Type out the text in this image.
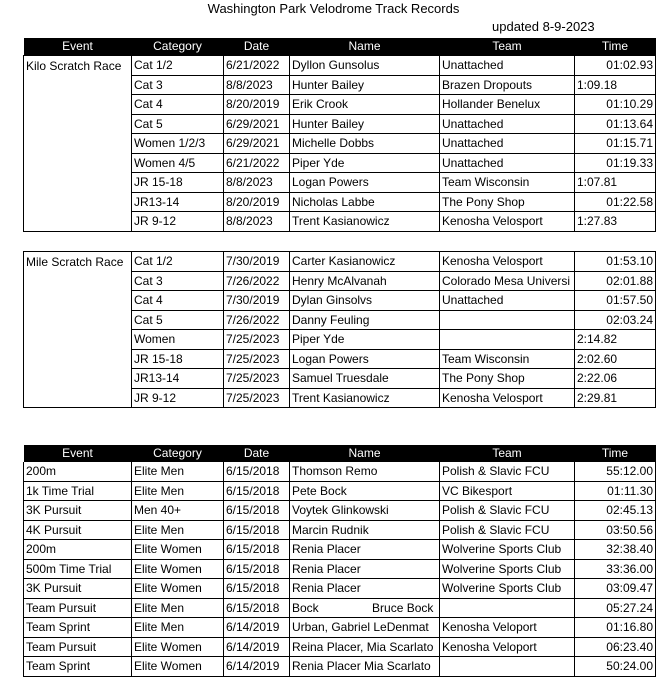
Washington Park Velodrome Track Records
updated 8-9-2023
Event	Category	Date	Name	Team	Time
Kilo Scratch Race	Cat 1/2	6/21/2022	Dyllon Gunsolus	Unattached	01:02.93
	Cat 3	8/8/2023	Hunter Bailey	Brazen Dropouts	1:09.18
	Cat 4	8/20/2019	Erik Crook	Hollander Benelux	01:10.29
	Cat 5	6/29/2021	Hunter Bailey	Unattached	01:13.64
	Women 1/2/3	6/29/2021	Michelle Dobbs	Unattached	01:15.71
	Women 4/5	6/21/2022	Piper Yde	Unattached	01:19.33
	JR 15-18	8/8/2023	Logan Powers	Team Wisconsin	1:07.81
	JR13-14	8/20/2019	Nicholas Labbe	The Pony Shop	01:22.58
	JR 9-12	8/8/2023	Trent Kasianowicz	Kenosha Velosport	1:27.83
Mile Scratch Race	Cat 1/2	7/30/2019	Carter Kasianowicz	Kenosha Velosport	01:53.10
	Cat 3	7/26/2022	Henry McAlvanah	Colorado Mesa Universi	02:01.88
	Cat 4	7/30/2019	Dylan Ginsolvs	Unattached	01:57.50
	Cat 5	7/26/2022	Danny Feuling		02:03.24
	Women	7/25/2023	Piper Yde		2:14.82
	JR 15-18	7/25/2023	Logan Powers	Team Wisconsin	2:02.60
	JR13-14	7/25/2023	Samuel Truesdale	The Pony Shop	2:22.06
	JR 9-12	7/25/2023	Trent Kasianowicz	Kenosha Velosport	2:29.81
Event	Category	Date	Name	Team	Time
200m	Elite Men	6/15/2018	Thomson Remo	Polish & Slavic FCU	55:12.00
1k Time Trial	Elite Men	6/15/2018	Pete Bock	VC Bikesport	01:11.30
3K Pursuit	Men 40+	6/15/2018	Voytek Glinkowski	Polish & Slavic FCU	02:45.13
4K Pursuit	Elite Men	6/15/2018	Marcin Rudnik	Polish & Slavic FCU	03:50.56
200m	Elite Women	6/15/2018	Renia Placer	Wolverine Sports Club	32:38.40
500m Time Trial	Elite Women	6/15/2018	Renia Placer	Wolverine Sports Club	33:36.00
3K Pursuit	Elite Women	6/15/2018	Renia Placer	Wolverine Sports Club	03:09.47
Team Pursuit	Elite Men	6/15/2018	Bock                Bruce Bock		05:27.24
Team Sprint	Elite Men	6/14/2019	Urban, Gabriel LeDenmat	Kenosha Veloport	01:16.80
Team Pursuit	Elite Women	6/14/2019	Reina Placer, Mia Scarlato	Kenosha Veloport	06:23.40
Team Sprint	Elite Women	6/14/2019	Renia Placer Mia Scarlato		50:24.00
